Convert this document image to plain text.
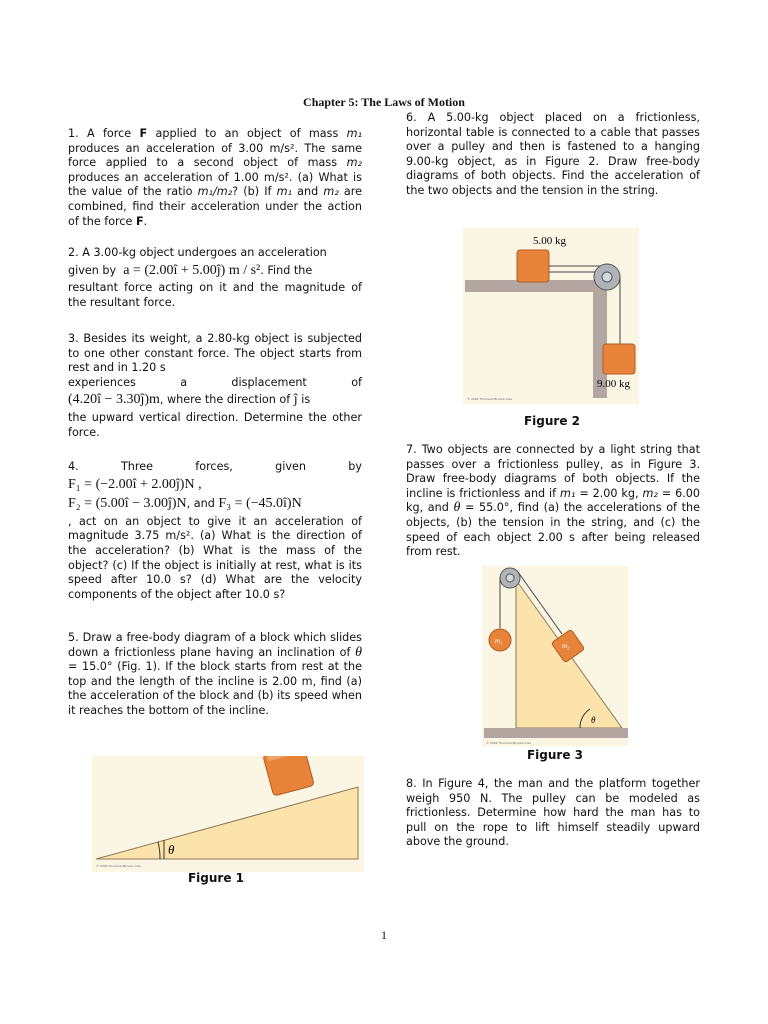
Chapter 5: The Laws of Motion
1. A force F applied to an object of mass m₁ produces an acceleration of 3.00 m/s². The same force applied to a second object of mass m₂ produces an acceleration of 1.00 m/s². (a) What is the value of the ratio m₁/m₂? (b) If m₁ and m₂ are combined, find their acceleration under the action of the force F.
2. A 3.00-kg object undergoes an acceleration
given by a = (2.00î + 5.00ĵ) m / s². Find the
resultant force acting on it and the magnitude of the resultant force.
3. Besides its weight, a 2.80-kg object is subjected to one other constant force. The object starts from rest and in 1.20 s
experiences	a	displacement	of
(4.20î − 3.30ĵ)m, where the direction of ĵ is
the upward vertical direction. Determine the other force.
4.	Three	forces,	given	by
F₁ = (−2.00î + 2.00ĵ)N ,
F₂ = (5.00î − 3.00ĵ)N, and F₃ = (−45.0î)N
, act on an object to give it an acceleration of magnitude 3.75 m/s². (a) What is the direction of the acceleration? (b) What is the mass of the object? (c) If the object is initially at rest, what is its speed after 10.0 s? (d) What are the velocity components of the object after 10.0 s?
5. Draw a free-body diagram of a block which slides down a frictionless plane having an inclination of θ = 15.0° (Fig. 1). If the block starts from rest at the top and the length of the incline is 2.00 m, find (a) the acceleration of the block and (b) its speed when it reaches the bottom of the incline.
θ
© 2004 Thomson/Brooks Cole
Figure 1
6. A 5.00-kg object placed on a frictionless, horizontal table is connected to a cable that passes over a pulley and then is fastened to a hanging 9.00-kg object, as in Figure 2. Draw free-body diagrams of both objects. Find the acceleration of the two objects and the tension in the string.
7. Two objects are connected by a light string that passes over a frictionless pulley, as in Figure 3. Draw free-body diagrams of both objects. If the incline is frictionless and if m₁ = 2.00 kg, m₂ = 6.00 kg, and θ = 55.0°, find (a) the accelerations of the objects, (b) the tension in the string, and (c) the speed of each object 2.00 s after being released from rest.
8. In Figure 4, the man and the platform together weigh 950 N. The pulley can be modeled as frictionless. Determine how hard the man has to pull on the rope to lift himself steadily upward above the ground.
5.00 kg
9.00 kg
© 2004 Thomson/Brooks Cole
Figure 2
m₁
m₂
θ
© 2004 Thomson/Brooks Cole
Figure 3
1
